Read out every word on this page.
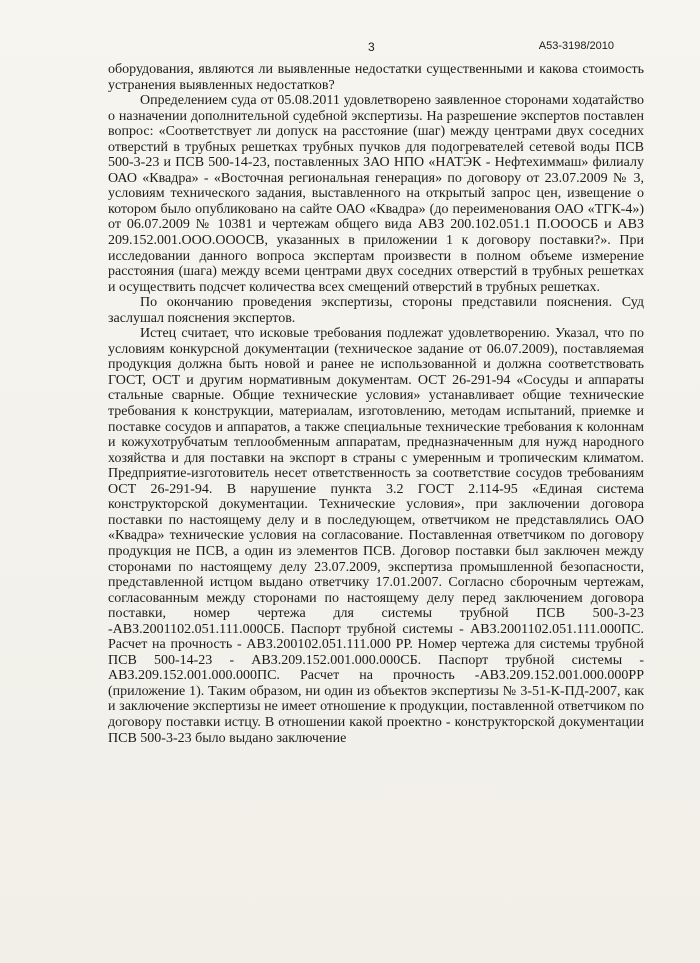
3	А53-3198/2010

оборудования, являются ли выявленные недостатки существенными и какова стоимость устранения выявленных недостатков?

Определением суда от 05.08.2011 удовлетворено заявленное сторонами ходатайство о назначении дополнительной судебной экспертизы. На разрешение экспертов поставлен вопрос: «Соответствует ли допуск на расстояние (шаг) между центрами двух соседних отверстий в трубных решетках трубных пучков для подогревателей сетевой воды ПСВ 500-3-23 и ПСВ 500-14-23, поставленных ЗАО НПО «НАТЭК - Нефтехиммаш» филиалу ОАО «Квадра» - «Восточная региональная генерация» по договору от 23.07.2009 № 3, условиям технического задания, выставленного на открытый запрос цен, извещение о котором было опубликовано на сайте ОАО «Квадра» (до переименования ОАО «ТГК-4») от 06.07.2009 № 10381 и чертежам общего вида АВЗ 200.102.051.1 П.ОООСБ и АВЗ 209.152.001.ООО.ОООСВ, указанных в приложении 1 к договору поставки?». При исследовании данного вопроса экспертам произвести в полном объеме измерение расстояния (шага) между всеми центрами двух соседних отверстий в трубных решетках и осуществить подсчет количества всех смещений отверстий в трубных решетках.

По окончанию проведения экспертизы, стороны представили пояснения. Суд заслушал пояснения экспертов.

Истец считает, что исковые требования подлежат удовлетворению. Указал, что по условиям конкурсной документации (техническое задание от 06.07.2009), поставляемая продукция должна быть новой и ранее не использованной и должна соответствовать ГОСТ, ОСТ и другим нормативным документам. ОСТ 26-291-94 «Сосуды и аппараты стальные сварные. Общие технические условия» устанавливает общие технические требования к конструкции, материалам, изготовлению, методам испытаний, приемке и поставке сосудов и аппаратов, а также специальные технические требования к колоннам и кожухотрубчатым теплообменным аппаратам, предназначенным для нужд народного хозяйства и для поставки на экспорт в страны с умеренным и тропическим климатом. Предприятие-изготовитель несет ответственность за соответствие сосудов требованиям ОСТ 26-291-94. В нарушение пункта 3.2 ГОСТ 2.114-95 «Единая система конструкторской документации. Технические условия», при заключении договора поставки по настоящему делу и в последующем, ответчиком не представлялись ОАО «Квадра» технические условия на согласование. Поставленная ответчиком по договору продукция не ПСВ, а один из элементов ПСВ. Договор поставки был заключен между сторонами по настоящему делу 23.07.2009, экспертиза промышленной безопасности, представленной истцом выдано ответчику 17.01.2007. Согласно сборочным чертежам, согласованным между сторонами по настоящему делу перед заключением договора поставки, номер чертежа для системы трубной ПСВ 500-3-23 -АВЗ.2001102.051.111.000СБ. Паспорт трубной системы - АВЗ.2001102.051.111.000ПС. Расчет на прочность - АВЗ.200102.051.111.000 РР. Номер чертежа для системы трубной ПСВ 500-14-23 - АВЗ.209.152.001.000.000СБ. Паспорт трубной системы - АВЗ.209.152.001.000.000ПС. Расчет на прочность -АВЗ.209.152.001.000.000РР (приложение 1). Таким образом, ни один из объектов экспертизы № 3-51-К-ПД-2007, как и заключение экспертизы не имеет отношение к продукции, поставленной ответчиком по договору поставки истцу. В отношении какой проектно - конструкторской документации ПСВ 500-3-23 было выдано заключение
